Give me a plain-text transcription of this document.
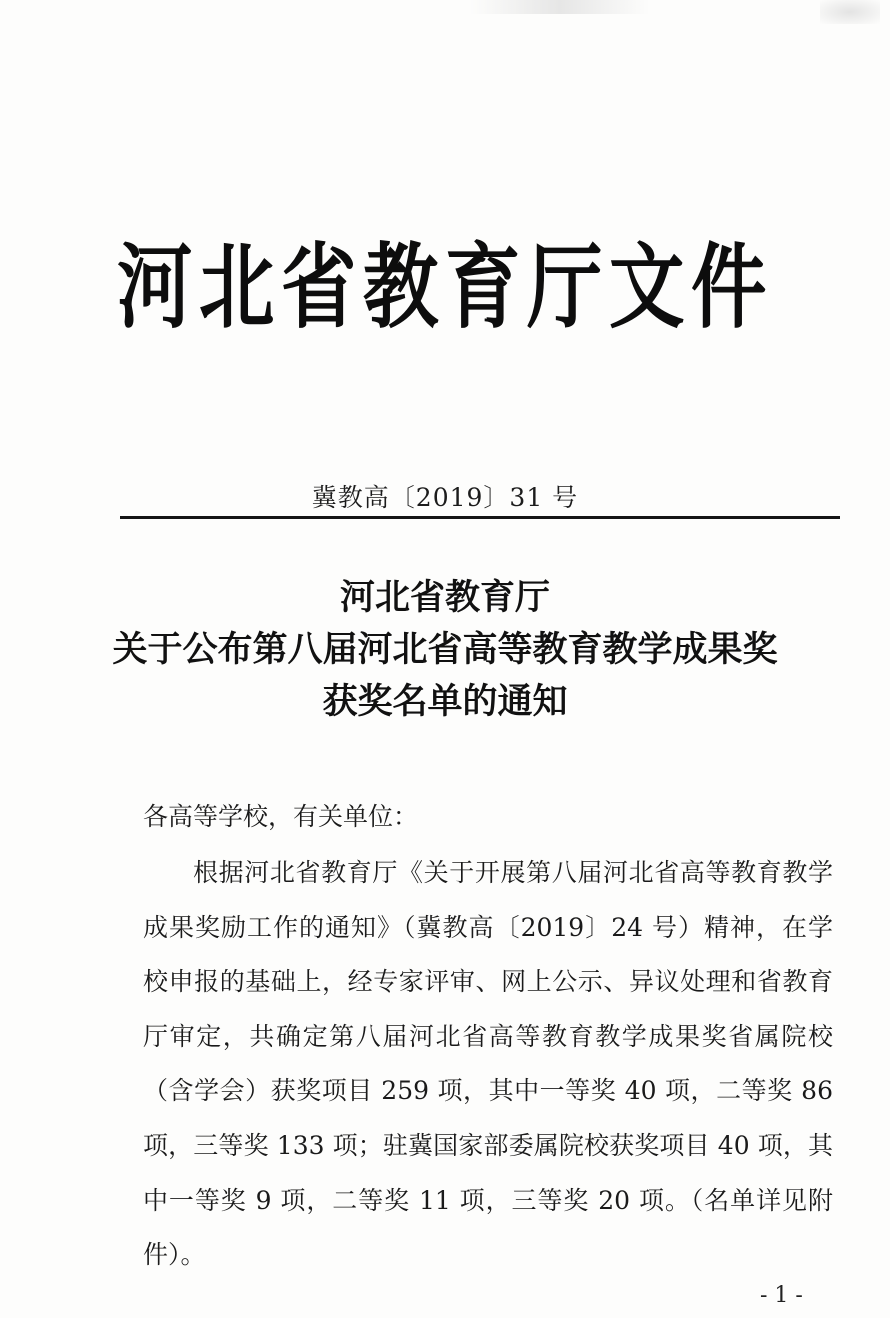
河北省教育厅文件
冀教高〔2019〕31 号
河北省教育厅
关于公布第八届河北省高等教育教学成果奖
获奖名单的通知
各高等学校，有关单位：
根据河北省教育厅《关于开展第八届河北省高等教育教学
成果奖励工作的通知》（冀教高〔2019〕24 号）精神，在学
校申报的基础上，经专家评审、网上公示、异议处理和省教育
厅审定，共确定第八届河北省高等教育教学成果奖省属院校
（含学会）获奖项目 259 项，其中一等奖 40 项，二等奖 86
项，三等奖 133 项；驻冀国家部委属院校获奖项目 40 项，其
中一等奖 9 项，二等奖 11 项，三等奖 20 项。（名单详见附
件）。
- 1 -
